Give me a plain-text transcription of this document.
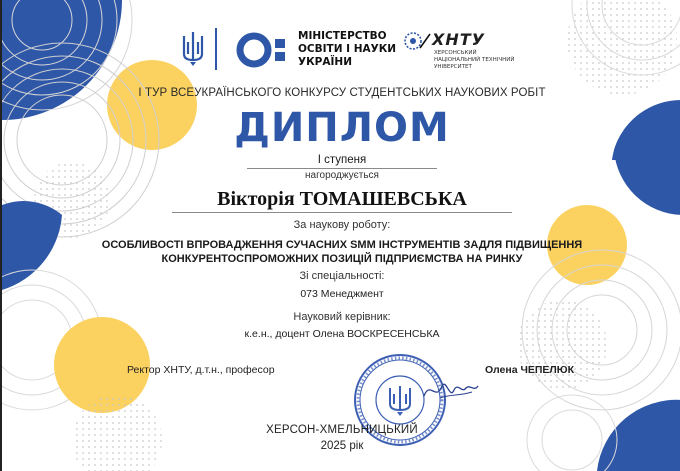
МІНІСТЕРСТВО
ОСВІТИ І НАУКИ
УКРАЇНИ
ХНТУ
ХЕРСОНСЬКИЙ
НАЦІОНАЛЬНИЙ ТЕХНІЧНИЙ
УНІВЕРСИТЕТ
І ТУР ВСЕУКРАЇНСЬКОГО КОНКУРСУ СТУДЕНТСЬКИХ НАУКОВИХ РОБІТ
ДИПЛОМ
І ступеня
нагороджується
Вікторія ТОМАШЕВСЬКА
За наукову роботу:
ОСОБЛИВОСТІ ВПРОВАДЖЕННЯ СУЧАСНИХ SMM ІНСТРУМЕНТІВ ЗАДЛЯ ПІДВИЩЕННЯ
КОНКУРЕНТОСПРОМОЖНИХ ПОЗИЦІЙ ПІДПРИЄМСТВА НА РИНКУ
Зі спеціальності:
073 Менеджмент
Науковий керівник:
к.е.н., доцент Олена ВОСКРЕСЕНСЬКА
Ректор ХНТУ, д.т.н., професор	Олена ЧЕПЕЛЮК
ХЕРСОН-ХМЕЛЬНИЦЬКИЙ
2025 рік
